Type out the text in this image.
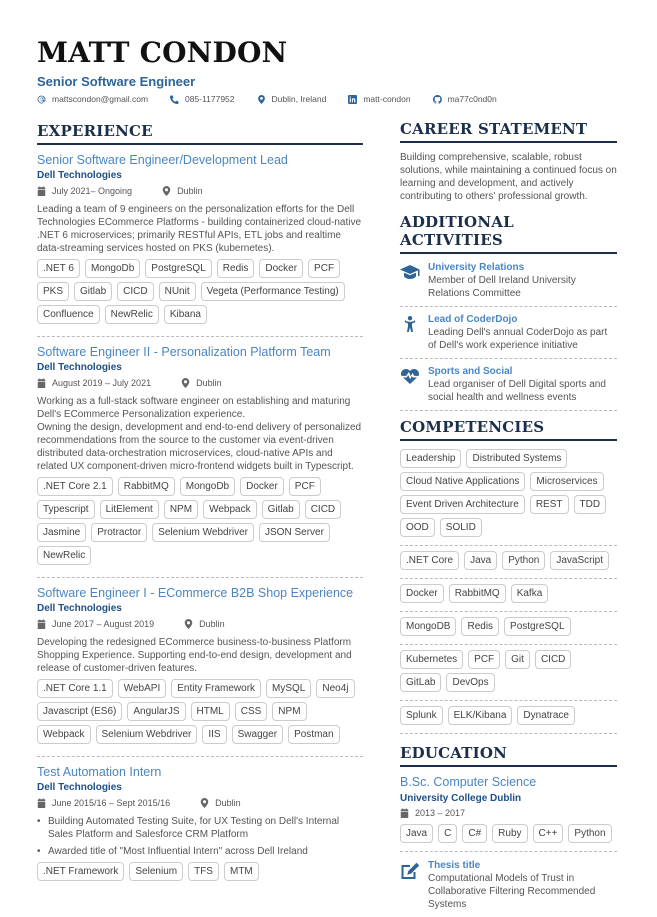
MATT CONDON
Senior Software Engineer
mattscondon@gmail.com	085-1177952	Dublin, Ireland	matt-condon	ma77c0nd0n
EXPERIENCE
Senior Software Engineer/Development Lead
Dell Technologies
July 2021– Ongoing	Dublin
Leading a team of 9 engineers on the personalization efforts for the Dell Technologies ECommerce Platforms - building containerized cloud-native .NET 6 microservices; primarily RESTful APIs, ETL jobs and realtime data-streaming services hosted on PKS (kubernetes).
.NET 6	MongoDb	PostgreSQL	Redis	Docker	PCF
PKS	Gitlab	CICD	NUnit	Vegeta (Performance Testing)
Confluence	NewRelic	Kibana
Software Engineer II - Personalization Platform Team
Dell Technologies
August 2019 – July 2021	Dublin
Working as a full-stack software engineer on establishing and maturing Dell's ECommerce Personalization experience.
Owning the design, development and end-to-end delivery of personalized recommendations from the source to the customer via event-driven distributed data-orchestration microservices, cloud-native APIs and related UX component-driven micro-frontend widgets built in Typescript.
.NET Core 2.1	RabbitMQ	MongoDb	Docker	PCF
Typescript	LitElement	NPM	Webpack	Gitlab	CICD
Jasmine	Protractor	Selenium Webdriver	JSON Server
NewRelic
Software Engineer I - ECommerce B2B Shop Experience
Dell Technologies
June 2017 – August 2019	Dublin
Developing the redesigned ECommerce business-to-business Platform Shopping Experience. Supporting end-to-end design, development and release of customer-driven features.
.NET Core 1.1	WebAPI	Entity Framework	MySQL	Neo4j
Javascript (ES6)	AngularJS	HTML	CSS	NPM
Webpack	Selenium Webdriver	IIS	Swagger	Postman
Test Automation Intern
Dell Technologies
June 2015/16 – Sept 2015/16	Dublin
• Building Automated Testing Suite, for UX Testing on Dell's Internal Sales Platform and Salesforce CRM Platform
• Awarded title of "Most Influential Intern" across Dell Ireland
.NET Framework	Selenium	TFS	MTM
CAREER STATEMENT
Building comprehensive, scalable, robust solutions, while maintaining a continued focus on learning and development, and actively contributing to others' professional growth.
ADDITIONAL ACTIVITIES
University Relations
Member of Dell Ireland University Relations Committee
Lead of CoderDojo
Leading Dell's annual CoderDojo as part of Dell's work experience initiative
Sports and Social
Lead organiser of Dell Digital sports and social health and wellness events
COMPETENCIES
Leadership	Distributed Systems
Cloud Native Applications	Microservices
Event Driven Architecture	REST	TDD
OOD	SOLID
.NET Core	Java	Python	JavaScript
Docker	RabbitMQ	Kafka
MongoDB	Redis	PostgreSQL
Kubernetes	PCF	Git	CICD
GitLab	DevOps
Splunk	ELK/Kibana	Dynatrace
EDUCATION
B.Sc. Computer Science
University College Dublin
2013 – 2017
Java	C	C#	Ruby	C++	Python
Thesis title
Computational Models of Trust in Collaborative Filtering Recommended Systems
